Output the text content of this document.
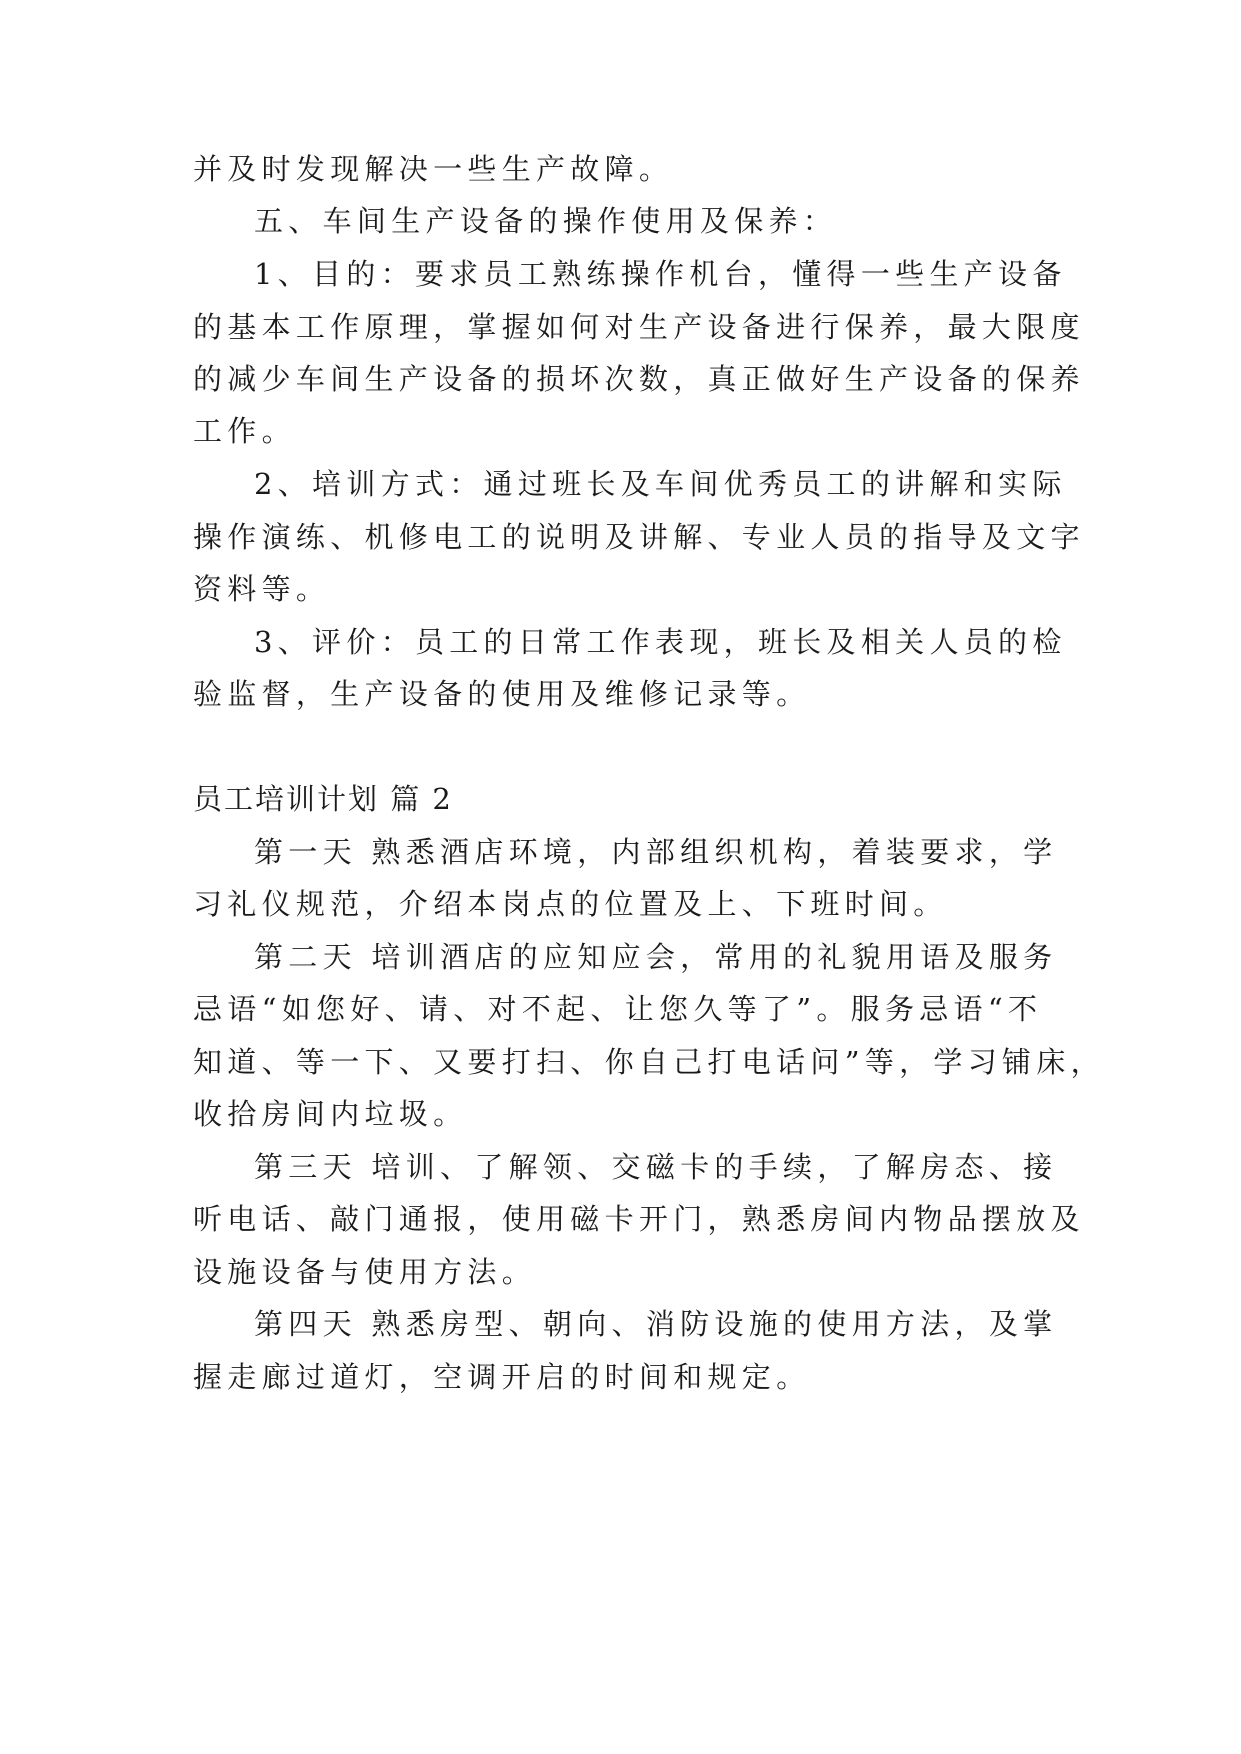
并及时发现解决一些生产故障。
五、车间生产设备的操作使用及保养：
1、目的：要求员工熟练操作机台，懂得一些生产设备
的基本工作原理，掌握如何对生产设备进行保养，最大限度
的减少车间生产设备的损坏次数，真正做好生产设备的保养
工作。
2、培训方式：通过班长及车间优秀员工的讲解和实际
操作演练、机修电工的说明及讲解、专业人员的指导及文字
资料等。
3、评价：员工的日常工作表现，班长及相关人员的检
验监督，生产设备的使用及维修记录等。
员工培训计划 篇 2
第一天 熟悉酒店环境，内部组织机构，着装要求，学
习礼仪规范，介绍本岗点的位置及上、下班时间。
第二天 培训酒店的应知应会，常用的礼貌用语及服务
忌语“如您好、请、对不起、让您久等了”。服务忌语“不
知道、等一下、又要打扫、你自己打电话问”等，学习铺床，
收拾房间内垃圾。
第三天 培训、了解领、交磁卡的手续，了解房态、接
听电话、敲门通报，使用磁卡开门，熟悉房间内物品摆放及
设施设备与使用方法。
第四天 熟悉房型、朝向、消防设施的使用方法，及掌
握走廊过道灯，空调开启的时间和规定。
